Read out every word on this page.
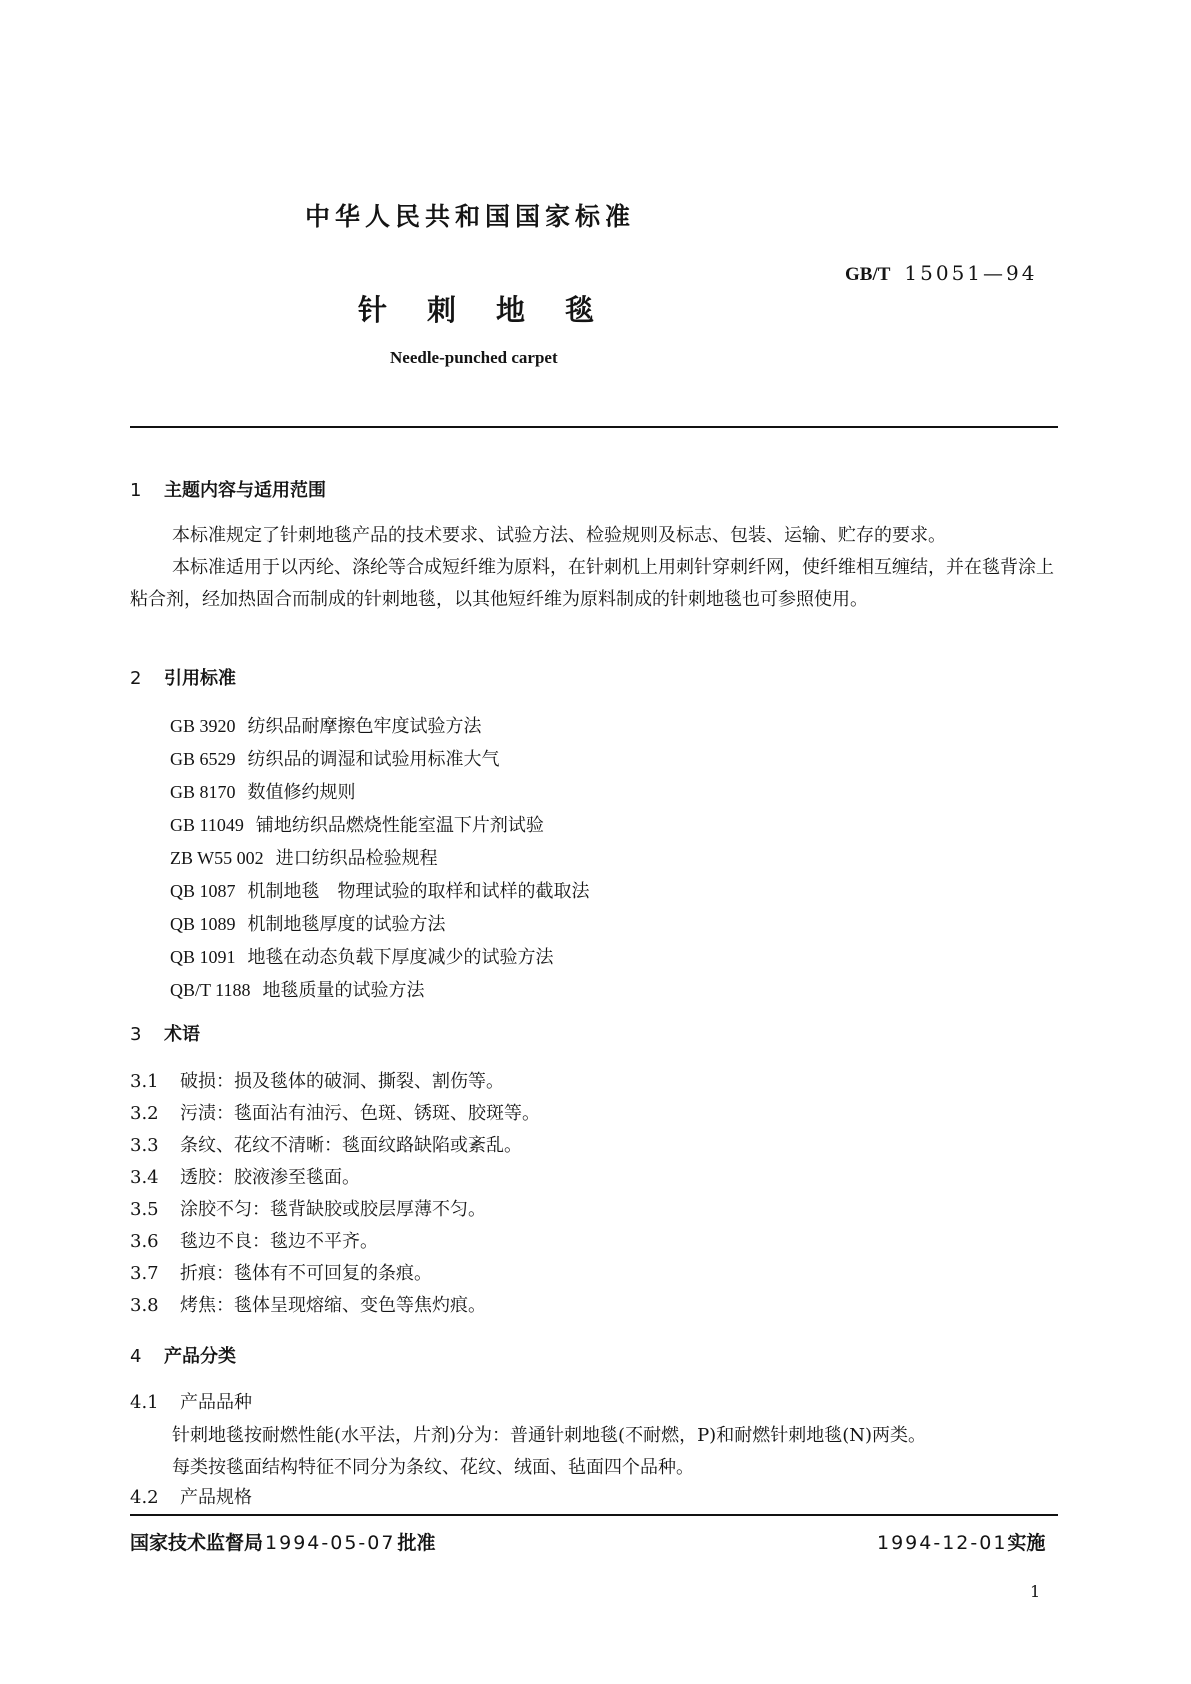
中华人民共和国国家标准
GB/T 15051—94
针刺地毯
Needle-punched carpet
1 主题内容与适用范围
本标准规定了针刺地毯产品的技术要求、试验方法、检验规则及标志、包装、运输、贮存的要求。
本标准适用于以丙纶、涤纶等合成短纤维为原料，在针刺机上用刺针穿刺纤网，使纤维相互缠结，并在毯背涂上粘合剂，经加热固合而制成的针刺地毯，以其他短纤维为原料制成的针刺地毯也可参照使用。
2 引用标准
GB 3920 纺织品耐摩擦色牢度试验方法
GB 6529 纺织品的调湿和试验用标准大气
GB 8170 数值修约规则
GB 11049 铺地纺织品燃烧性能室温下片剂试验
ZB W55 002 进口纺织品检验规程
QB 1087 机制地毯　物理试验的取样和试样的截取法
QB 1089 机制地毯厚度的试验方法
QB 1091 地毯在动态负载下厚度减少的试验方法
QB/T 1188 地毯质量的试验方法
3 术语
3.1 破损：损及毯体的破洞、撕裂、割伤等。
3.2 污渍：毯面沾有油污、色斑、锈斑、胶斑等。
3.3 条纹、花纹不清晰：毯面纹路缺陷或紊乱。
3.4 透胶：胶液渗至毯面。
3.5 涂胶不匀：毯背缺胶或胶层厚薄不匀。
3.6 毯边不良：毯边不平齐。
3.7 折痕：毯体有不可回复的条痕。
3.8 烤焦：毯体呈现熔缩、变色等焦灼痕。
4 产品分类
4.1 产品品种
针刺地毯按耐燃性能(水平法，片剂)分为：普通针刺地毯(不耐燃，P)和耐燃针刺地毯(N)两类。
每类按毯面结构特征不同分为条纹、花纹、绒面、毡面四个品种。
4.2 产品规格
国家技术监督局 1994-05-07 批准	1994-12-01实施
1
